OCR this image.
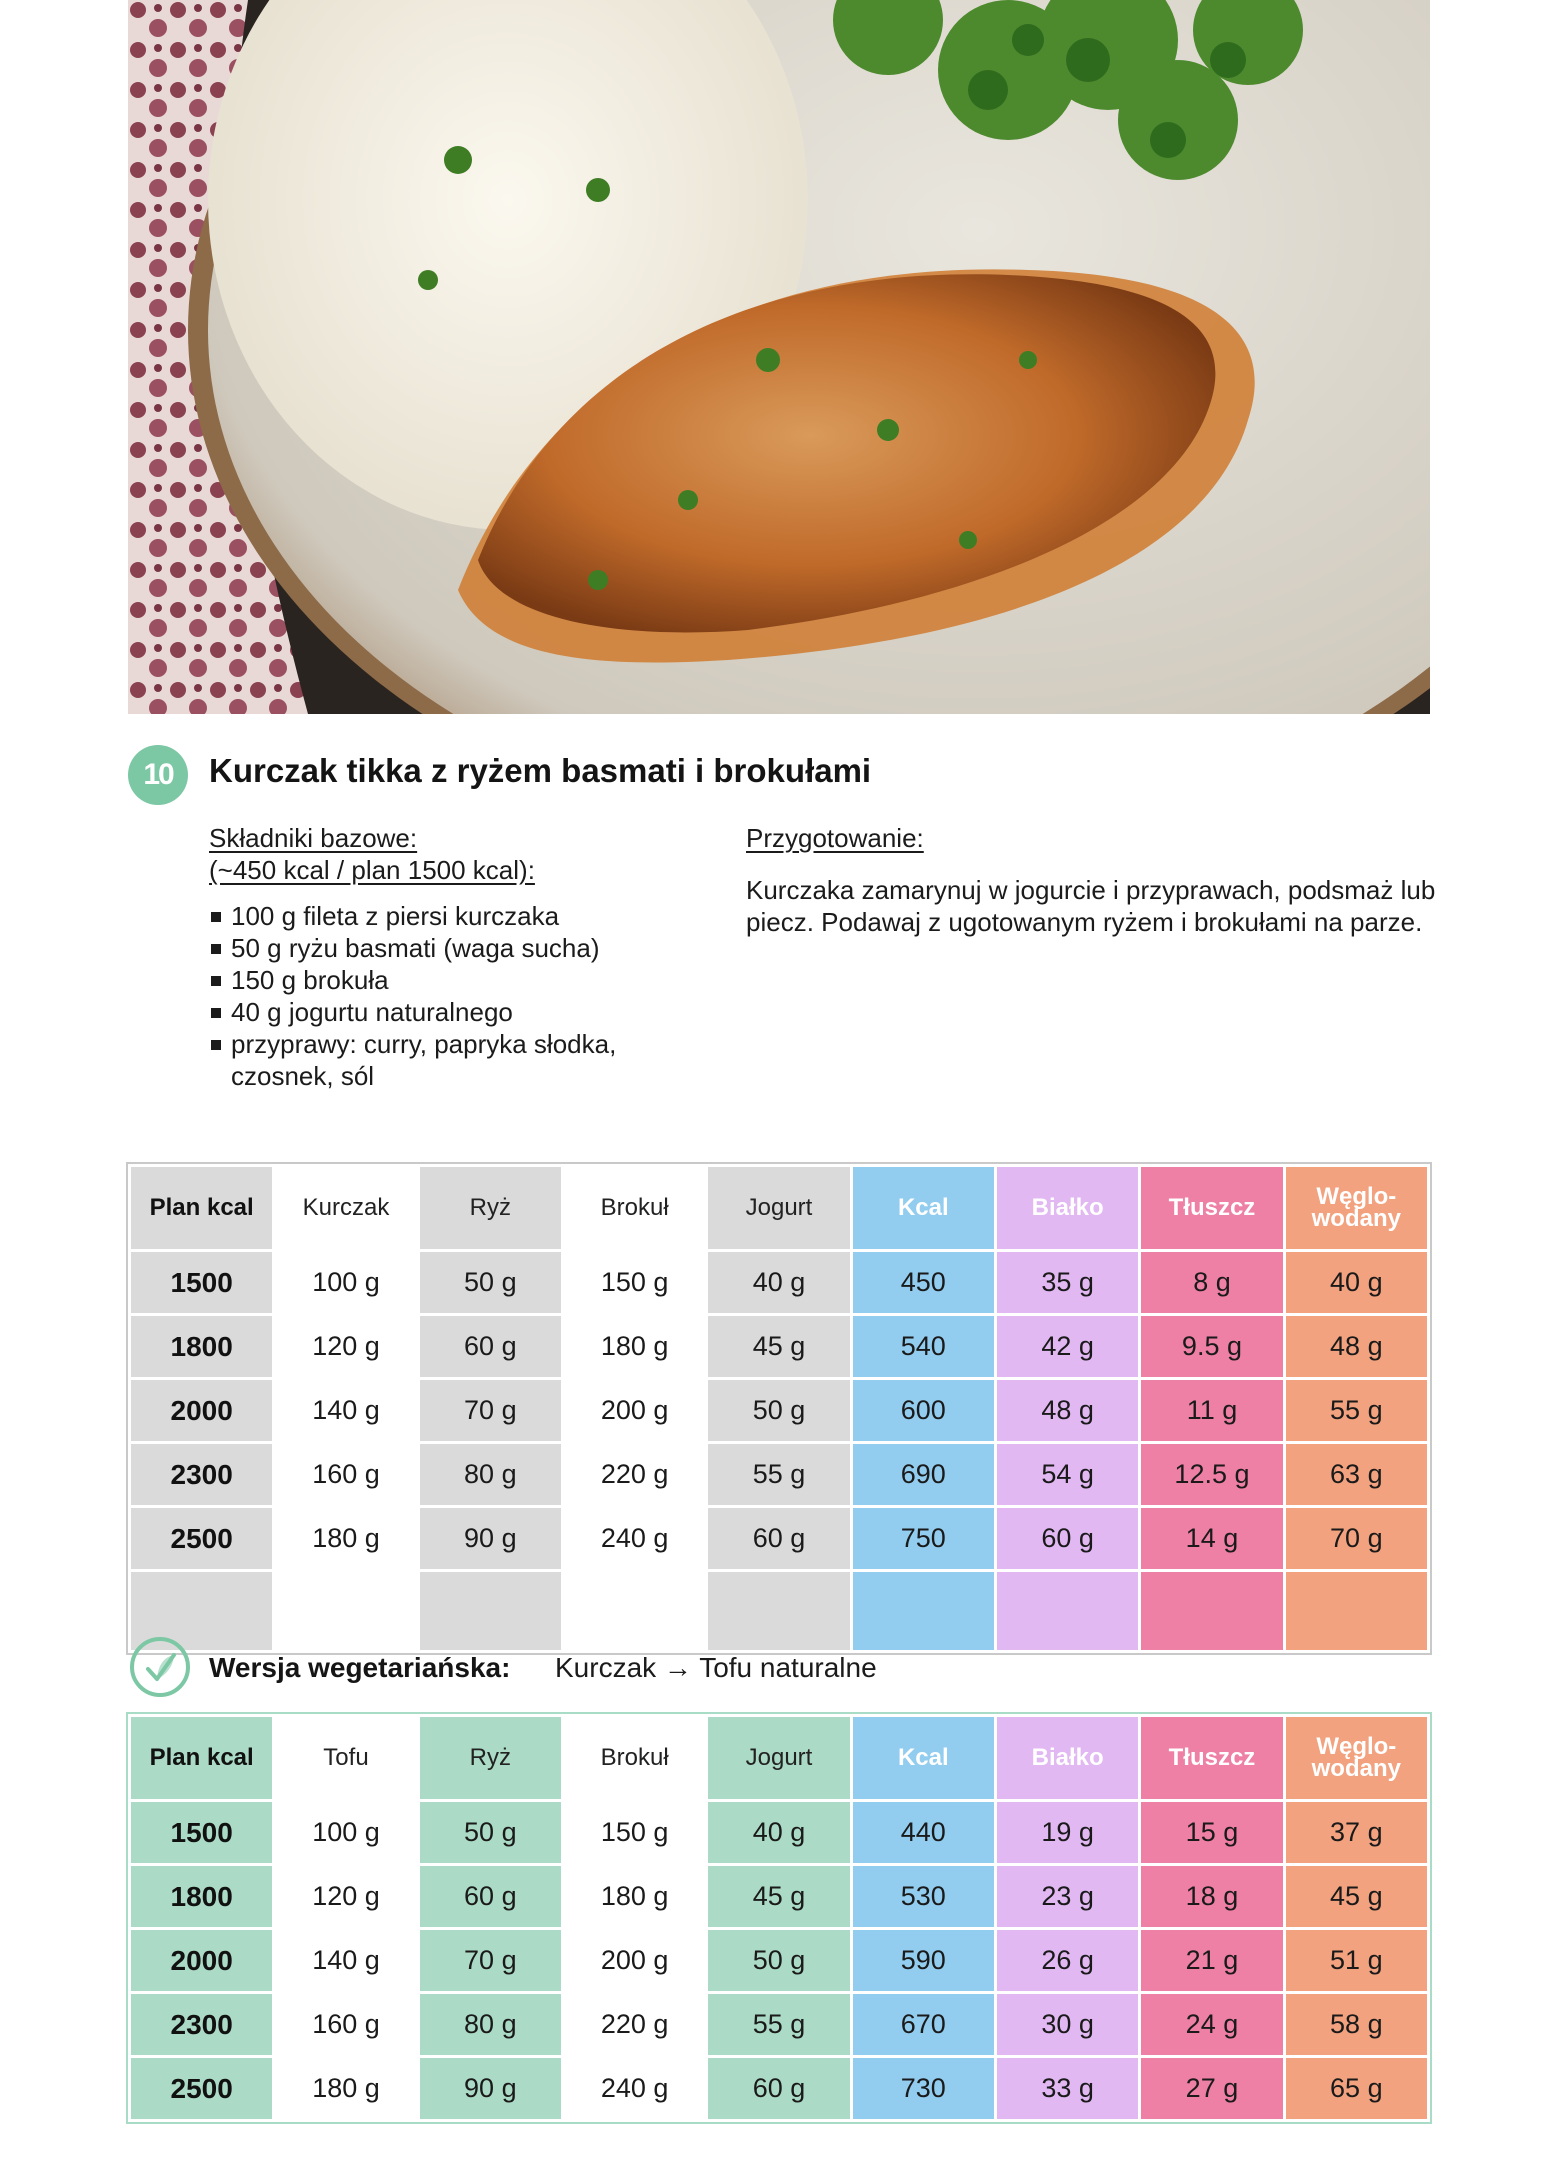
10	Kurczak tikka z ryżem basmati i brokułami
Składniki bazowe:
(~450 kcal / plan 1500 kcal):
100 g fileta z piersi kurczaka
50 g ryżu basmati (waga sucha)
150 g brokuła
40 g jogurtu naturalnego
przyprawy: curry, papryka słodka, czosnek, sól
Przygotowanie:
Kurczaka zamarynuj w jogurcie i przyprawach, podsmaż lub piecz. Podawaj z ugotowanym ryżem i brokułami na parze.
Plan kcal	Kurczak	Ryż	Brokuł	Jogurt	Kcal	Białko	Tłuszcz	Węglo-
wodany
1500	100 g	50 g	150 g	40 g	450	35 g	8 g	40 g
1800	120 g	60 g	180 g	45 g	540	42 g	9.5 g	48 g
2000	140 g	70 g	200 g	50 g	600	48 g	11 g	55 g
2300	160 g	80 g	220 g	55 g	690	54 g	12.5 g	63 g
2500	180 g	90 g	240 g	60 g	750	60 g	14 g	70 g

Wersja wegetariańska: Kurczak → Tofu naturalne
Plan kcal	Tofu	Ryż	Brokuł	Jogurt	Kcal	Białko	Tłuszcz	Węglo-
wodany
1500	100 g	50 g	150 g	40 g	440	19 g	15 g	37 g
1800	120 g	60 g	180 g	45 g	530	23 g	18 g	45 g
2000	140 g	70 g	200 g	50 g	590	26 g	21 g	51 g
2300	160 g	80 g	220 g	55 g	670	30 g	24 g	58 g
2500	180 g	90 g	240 g	60 g	730	33 g	27 g	65 g
